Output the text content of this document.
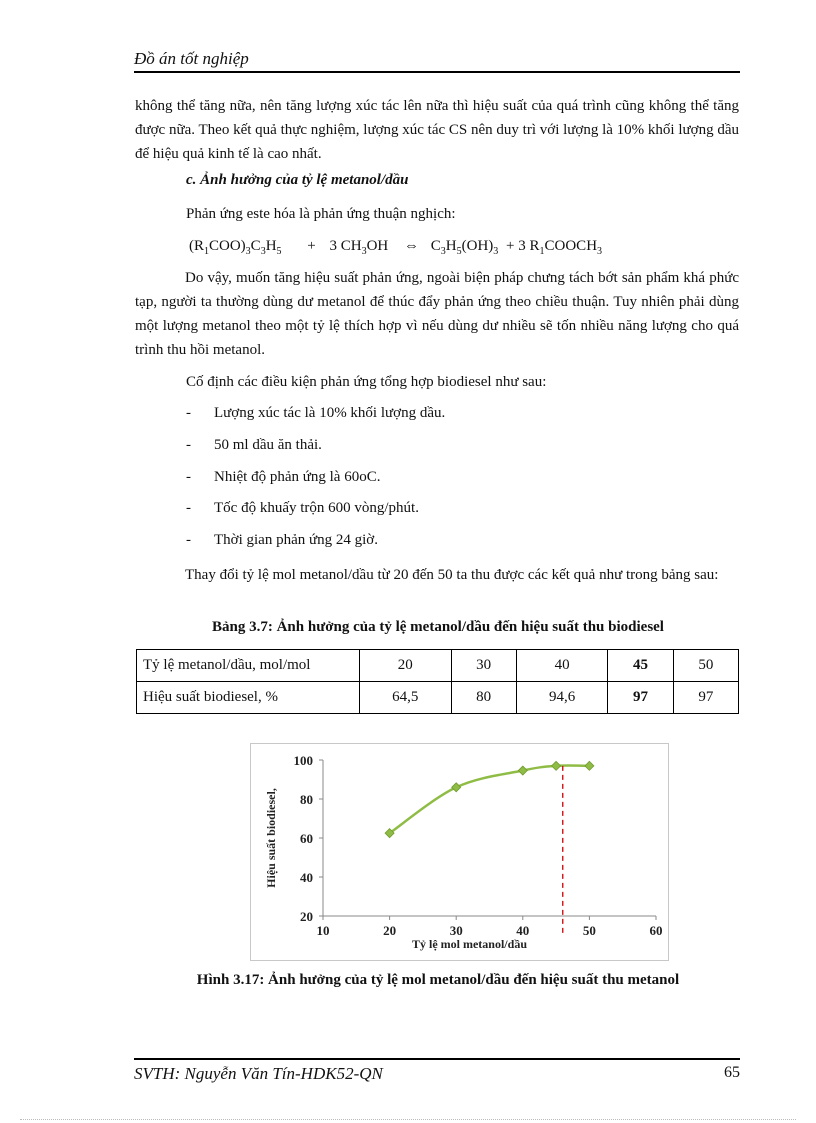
Đồ án tốt nghiệp
không thể tăng nữa, nên tăng lượng xúc tác lên nữa thì hiệu suất của quá trình cũng không thể tăng được nữa. Theo kết quả thực nghiệm, lượng xúc tác CS nên duy trì với lượng là 10% khối lượng dầu để hiệu quả kinh tế là cao nhất.
c. Ảnh hưởng của tỷ lệ metanol/dầu
Phản ứng este hóa là phản ứng thuận nghịch:
$(R_1COO)_3C_3H_5 + 3$ $CH_3OH$ ⇔ $C_3H_5(OH)_3 + 3$ $R_1COOCH_3$
Do vậy, muốn tăng hiệu suất phản ứng, ngoài biện pháp chưng tách bớt sản phẩm khá phức tạp, người ta thường dùng dư metanol để thúc đẩy phản ứng theo chiều thuận. Tuy nhiên phải dùng một lượng metanol theo một tỷ lệ thích hợp vì nếu dùng dư nhiều sẽ tốn nhiều năng lượng cho quá trình thu hồi metanol.
Cố định các điều kiện phản ứng tổng hợp biodiesel như sau:
- Lượng xúc tác là 10% khối lượng dầu.
- 50 ml dầu ăn thải.
- Nhiệt độ phản ứng là 60oC.
- Tốc độ khuấy trộn 600 vòng/phút.
- Thời gian phản ứng 24 giờ.
Thay đổi tỷ lệ mol metanol/dầu từ 20 đến 50 ta thu được các kết quả như trong bảng sau:
Bảng 3.7: Ảnh hưởng của tỷ lệ metanol/dầu đến hiệu suất thu biodiesel
Tỷ lệ metanol/dầu, mol/mol	20	30	40	45	50
Hiệu suất biodiesel, %	64,5	80	94,6	97	97
20
40
60
80
100
10	20	30	40	50	60
Tỷ lệ mol metanol/dầu
Hiệu suất biodiesel,
Hình 3.17: Ảnh hưởng của tỷ lệ mol metanol/dầu đến hiệu suất thu metanol
SVTH: Nguyễn Văn Tín-HDK52-QN	65
